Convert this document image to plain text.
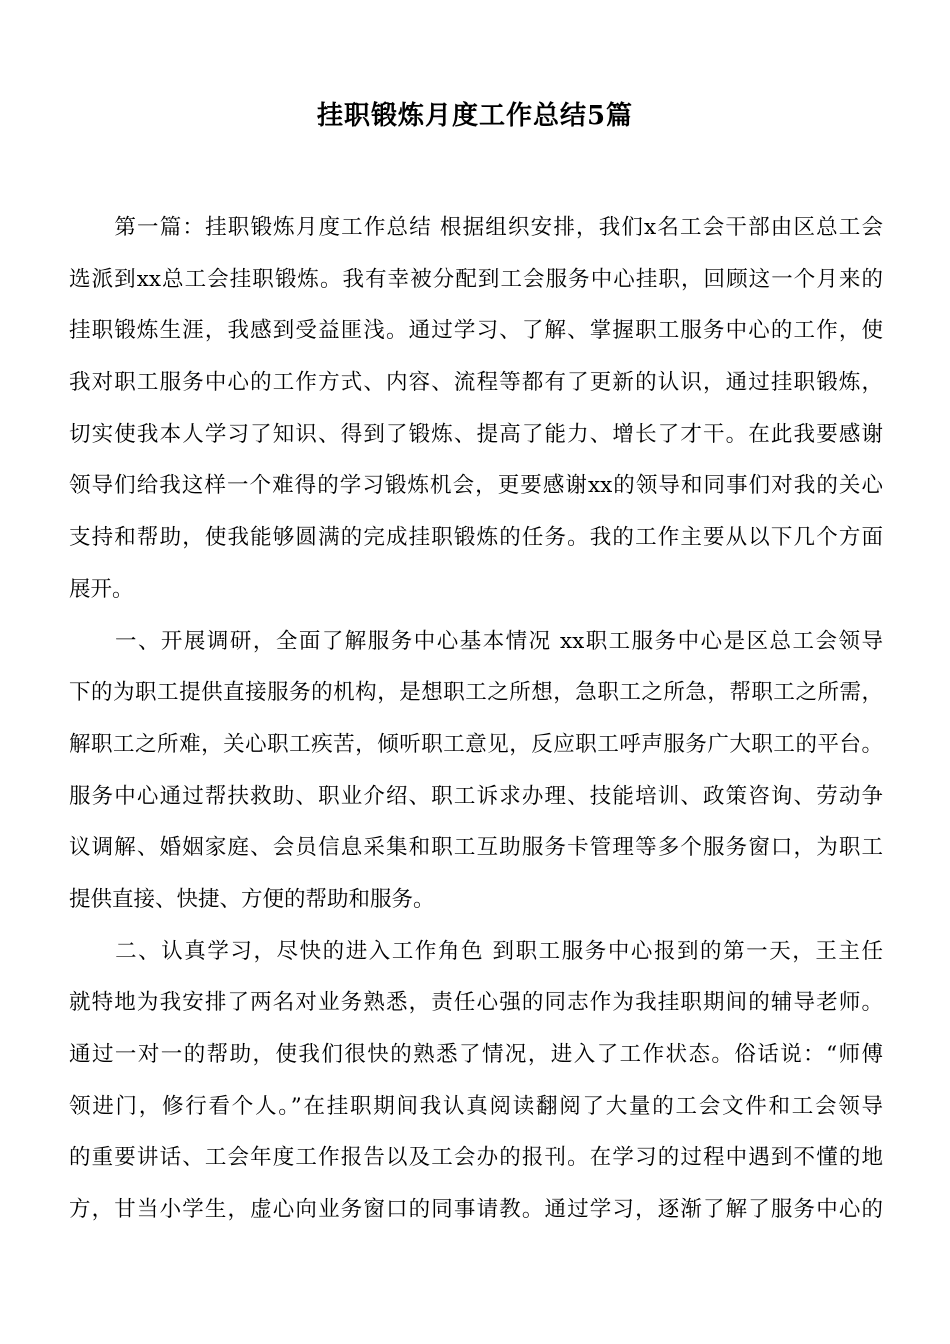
挂职锻炼月度工作总结5篇
　　第一篇：挂职锻炼月度工作总结 根据组织安排，我们x名工会干部由区总工会
选派到xx总工会挂职锻炼。我有幸被分配到工会服务中心挂职，回顾这一个月来的
挂职锻炼生涯，我感到受益匪浅。通过学习、了解、掌握职工服务中心的工作，使
我对职工服务中心的工作方式、内容、流程等都有了更新的认识，通过挂职锻炼，
切实使我本人学习了知识、得到了锻炼、提高了能力、增长了才干。在此我要感谢
领导们给我这样一个难得的学习锻炼机会，更要感谢xx的领导和同事们对我的关心
支持和帮助，使我能够圆满的完成挂职锻炼的任务。我的工作主要从以下几个方面
展开。
　　一、开展调研，全面了解服务中心基本情况 xx职工服务中心是区总工会领导
下的为职工提供直接服务的机构，是想职工之所想，急职工之所急，帮职工之所需，
解职工之所难，关心职工疾苦，倾听职工意见，反应职工呼声服务广大职工的平台。
服务中心通过帮扶救助、职业介绍、职工诉求办理、技能培训、政策咨询、劳动争
议调解、婚姻家庭、会员信息采集和职工互助服务卡管理等多个服务窗口，为职工
提供直接、快捷、方便的帮助和服务。
　　二、认真学习，尽快的进入工作角色 到职工服务中心报到的第一天，王主任
就特地为我安排了两名对业务熟悉，责任心强的同志作为我挂职期间的辅导老师。
通过一对一的帮助，使我们很快的熟悉了情况，进入了工作状态。俗话说：“师傅
领进门，修行看个人。”在挂职期间我认真阅读翻阅了大量的工会文件和工会领导
的重要讲话、工会年度工作报告以及工会办的报刊。在学习的过程中遇到不懂的地
方，甘当小学生，虚心向业务窗口的同事请教。通过学习，逐渐了解了服务中心的
